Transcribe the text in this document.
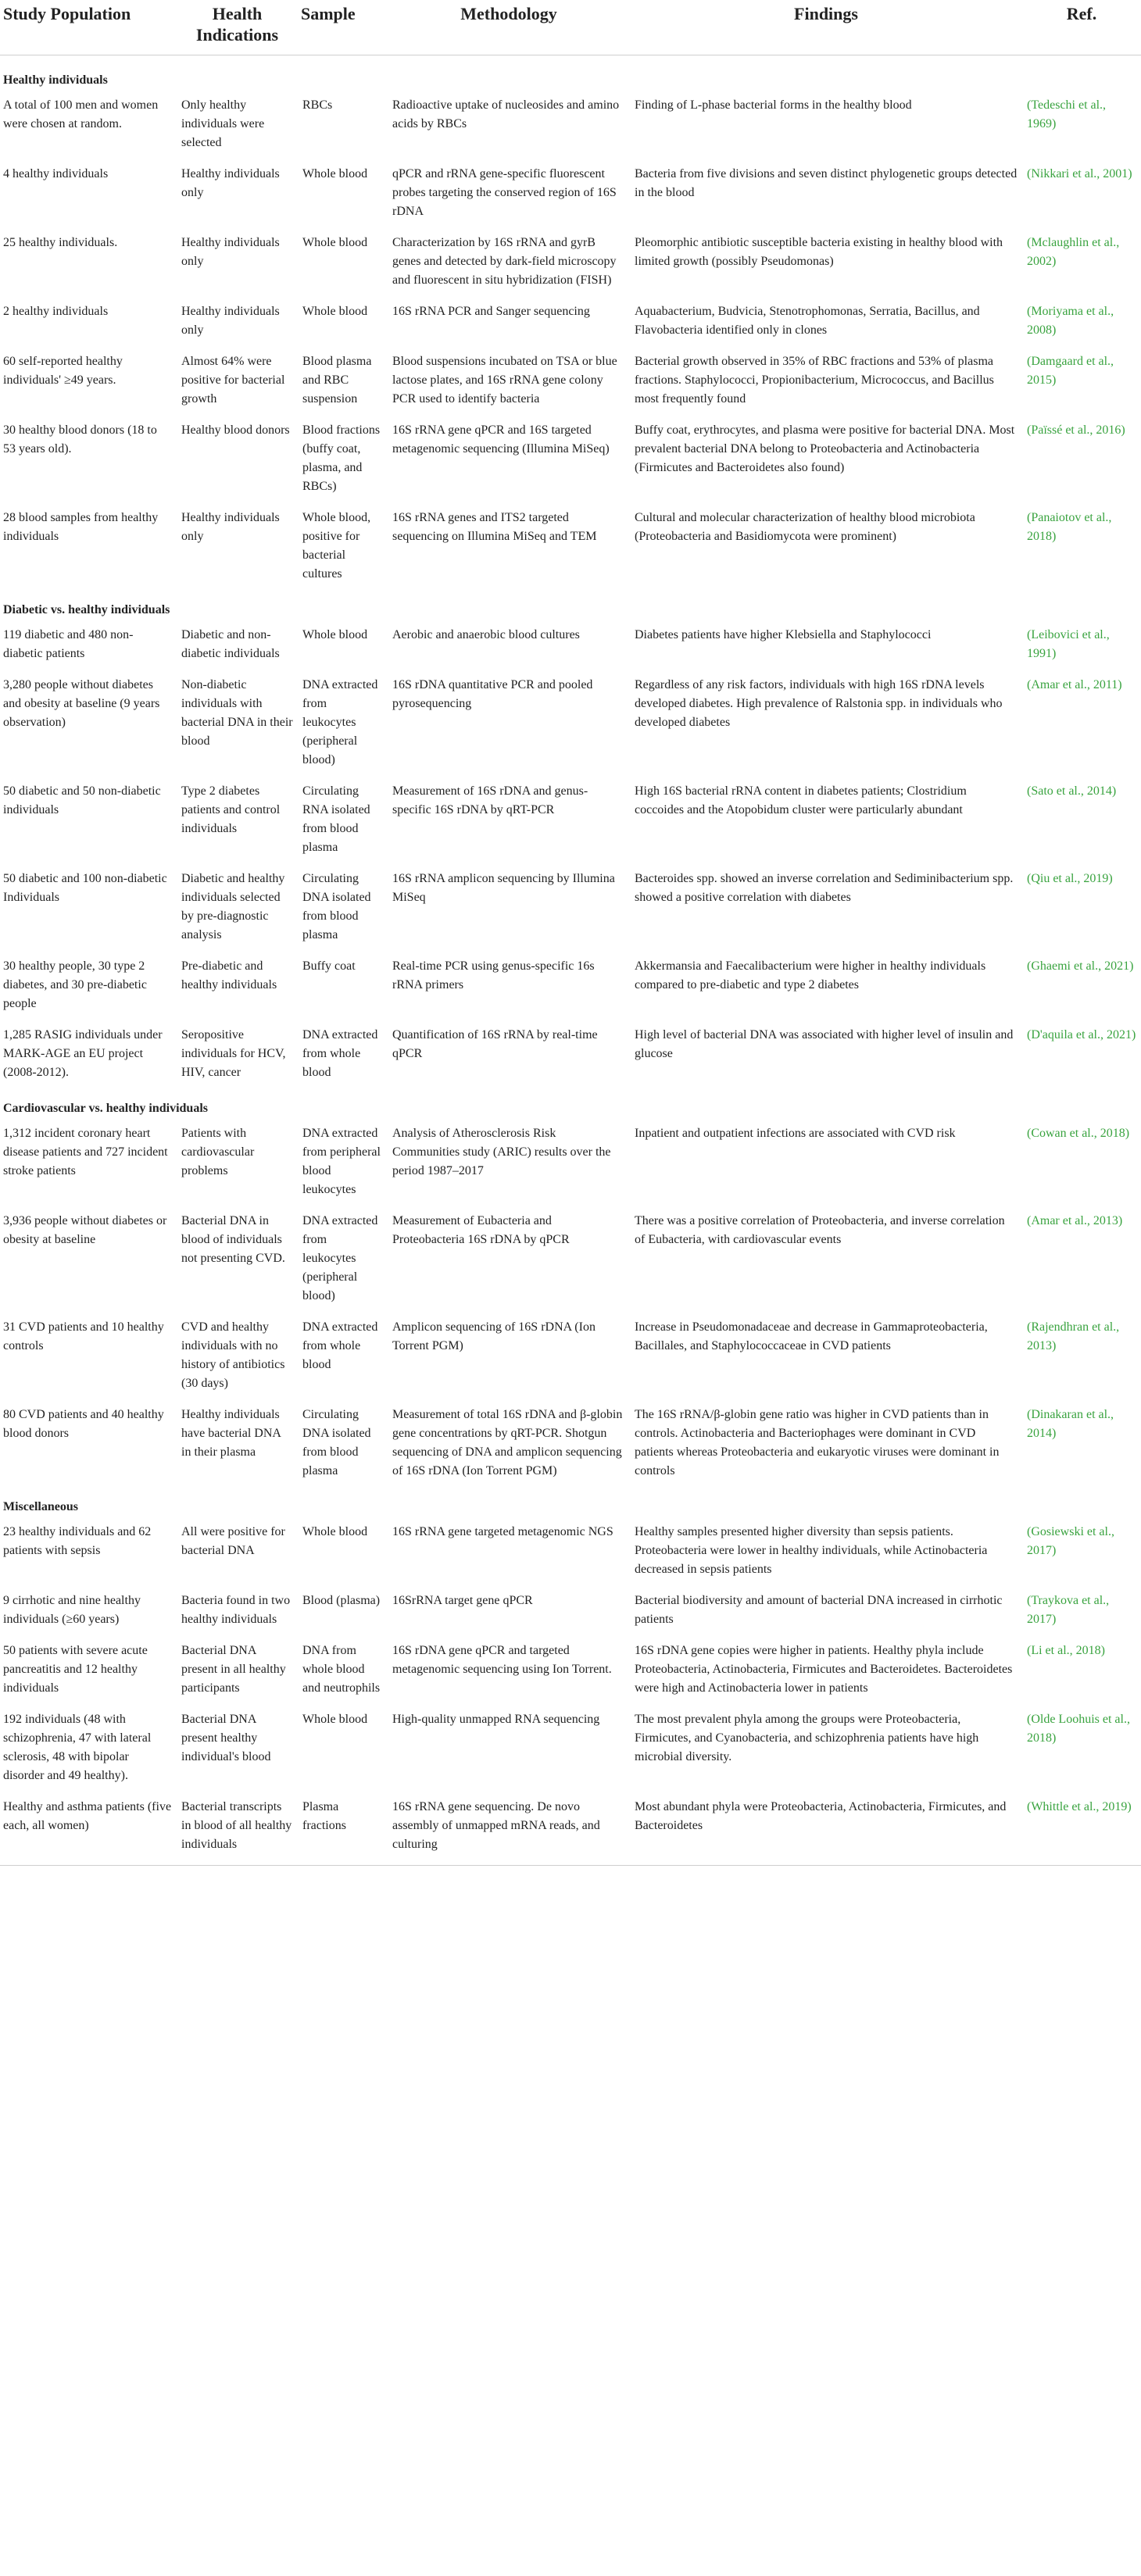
Study Population	Health Indications	Sample	Methodology	Findings	Ref.
Healthy individuals					
A total of 100 men and women were chosen at random.	Only healthy individuals were selected	RBCs	Radioactive uptake of nucleosides and amino acids by RBCs	Finding of L-phase bacterial forms in the healthy blood	(Tedeschi et al., 1969)
4 healthy individuals	Healthy individuals only	Whole blood	qPCR and rRNA gene-specific fluorescent probes targeting the conserved region of 16S rDNA	Bacteria from five divisions and seven distinct phylogenetic groups detected in the blood	(Nikkari et al., 2001)
25 healthy individuals.	Healthy individuals only	Whole blood	Characterization by 16S rRNA and gyrB genes and detected by dark-field microscopy and fluorescent in situ hybridization (FISH)	Pleomorphic antibiotic susceptible bacteria existing in healthy blood with limited growth (possibly Pseudomonas)	(Mclaughlin et al., 2002)
2 healthy individuals	Healthy individuals only	Whole blood	16S rRNA PCR and Sanger sequencing	Aquabacterium, Budvicia, Stenotrophomonas, Serratia, Bacillus, and Flavobacteria identified only in clones	(Moriyama et al., 2008)
60 self-reported healthy individuals' ≥49 years.	Almost 64% were positive for bacterial growth	Blood plasma and RBC suspension	Blood suspensions incubated on TSA or blue lactose plates, and 16S rRNA gene colony PCR used to identify bacteria	Bacterial growth observed in 35% of RBC fractions and 53% of plasma fractions. Staphylococci, Propionibacterium, Micrococcus, and Bacillus most frequently found	(Damgaard et al., 2015)
30 healthy blood donors (18 to 53 years old).	Healthy blood donors	Blood fractions (buffy coat, plasma, and RBCs)	16S rRNA gene qPCR and 16S targeted metagenomic sequencing (Illumina MiSeq)	Buffy coat, erythrocytes, and plasma were positive for bacterial DNA. Most prevalent bacterial DNA belong to Proteobacteria and Actinobacteria (Firmicutes and Bacteroidetes also found)	(Païssé et al., 2016)
28 blood samples from healthy individuals	Healthy individuals only	Whole blood, positive for bacterial cultures	16S rRNA genes and ITS2 targeted sequencing on Illumina MiSeq and TEM	Cultural and molecular characterization of healthy blood microbiota (Proteobacteria and Basidiomycota were prominent)	(Panaiotov et al., 2018)
Diabetic vs. healthy individuals					
119 diabetic and 480 non-diabetic patients	Diabetic and non-diabetic individuals	Whole blood	Aerobic and anaerobic blood cultures	Diabetes patients have higher Klebsiella and Staphylococci	(Leibovici et al., 1991)
3,280 people without diabetes and obesity at baseline (9 years observation)	Non-diabetic individuals with bacterial DNA in their blood	DNA extracted from leukocytes (peripheral blood)	16S rDNA quantitative PCR and pooled pyrosequencing	Regardless of any risk factors, individuals with high 16S rDNA levels developed diabetes. High prevalence of Ralstonia spp. in individuals who developed diabetes	(Amar et al., 2011)
50 diabetic and 50 non-diabetic individuals	Type 2 diabetes patients and control individuals	Circulating RNA isolated from blood plasma	Measurement of 16S rDNA and genus-specific 16S rDNA by qRT-PCR	High 16S bacterial rRNA content in diabetes patients; Clostridium coccoides and the Atopobidum cluster were particularly abundant	(Sato et al., 2014)
50 diabetic and 100 non-diabetic Individuals	Diabetic and healthy individuals selected by pre-diagnostic analysis	Circulating DNA isolated from blood plasma	16S rRNA amplicon sequencing by Illumina MiSeq	Bacteroides spp. showed an inverse correlation and Sediminibacterium spp. showed a positive correlation with diabetes	(Qiu et al., 2019)
30 healthy people, 30 type 2 diabetes, and 30 pre-diabetic people	Pre-diabetic and healthy individuals	Buffy coat	Real-time PCR using genus-specific 16s rRNA primers	Akkermansia and Faecalibacterium were higher in healthy individuals compared to pre-diabetic and type 2 diabetes	(Ghaemi et al., 2021)
1,285 RASIG individuals under MARK-AGE an EU project (2008-2012).	Seropositive individuals for HCV, HIV, cancer	DNA extracted from whole blood	Quantification of 16S rRNA by real-time qPCR	High level of bacterial DNA was associated with higher level of insulin and glucose	(D'aquila et al., 2021)
Cardiovascular vs. healthy individuals					
1,312 incident coronary heart disease patients and 727 incident stroke patients	Patients with cardiovascular problems	DNA extracted from peripheral blood leukocytes	Analysis of Atherosclerosis Risk Communities study (ARIC) results over the period 1987–2017	Inpatient and outpatient infections are associated with CVD risk	(Cowan et al., 2018)
3,936 people without diabetes or obesity at baseline	Bacterial DNA in blood of individuals not presenting CVD.	DNA extracted from leukocytes (peripheral blood)	Measurement of Eubacteria and Proteobacteria 16S rDNA by qPCR	There was a positive correlation of Proteobacteria, and inverse correlation of Eubacteria, with cardiovascular events	(Amar et al., 2013)
31 CVD patients and 10 healthy controls	CVD and healthy individuals with no history of antibiotics (30 days)	DNA extracted from whole blood	Amplicon sequencing of 16S rDNA (Ion Torrent PGM)	Increase in Pseudomonadaceae and decrease in Gammaproteobacteria, Bacillales, and Staphylococcaceae in CVD patients	(Rajendhran et al., 2013)
80 CVD patients and 40 healthy blood donors	Healthy individuals have bacterial DNA in their plasma	Circulating DNA isolated from blood plasma	Measurement of total 16S rDNA and β-globin gene concentrations by qRT-PCR. Shotgun sequencing of DNA and amplicon sequencing of 16S rDNA (Ion Torrent PGM)	The 16S rRNA/β-globin gene ratio was higher in CVD patients than in controls. Actinobacteria and Bacteriophages were dominant in CVD patients whereas Proteobacteria and eukaryotic viruses were dominant in controls	(Dinakaran et al., 2014)
Miscellaneous					
23 healthy individuals and 62 patients with sepsis	All were positive for bacterial DNA	Whole blood	16S rRNA gene targeted metagenomic NGS	Healthy samples presented higher diversity than sepsis patients. Proteobacteria were lower in healthy individuals, while Actinobacteria decreased in sepsis patients	(Gosiewski et al., 2017)
9 cirrhotic and nine healthy individuals (≥60 years)	Bacteria found in two healthy individuals	Blood (plasma)	16SrRNA target gene qPCR	Bacterial biodiversity and amount of bacterial DNA increased in cirrhotic patients	(Traykova et al., 2017)
50 patients with severe acute pancreatitis and 12 healthy individuals	Bacterial DNA present in all healthy participants	DNA from whole blood and neutrophils	16S rDNA gene qPCR and targeted metagenomic sequencing using Ion Torrent.	16S rDNA gene copies were higher in patients. Healthy phyla include Proteobacteria, Actinobacteria, Firmicutes and Bacteroidetes. Bacteroidetes were high and Actinobacteria lower in patients	(Li et al., 2018)
192 individuals (48 with schizophrenia, 47 with lateral sclerosis, 48 with bipolar disorder and 49 healthy).	Bacterial DNA present healthy individual's blood	Whole blood	High-quality unmapped RNA sequencing	The most prevalent phyla among the groups were Proteobacteria, Firmicutes, and Cyanobacteria, and schizophrenia patients have high microbial diversity.	(Olde Loohuis et al., 2018)
Healthy and asthma patients (five each, all women)	Bacterial transcripts in blood of all healthy individuals	Plasma fractions	16S rRNA gene sequencing. De novo assembly of unmapped mRNA reads, and culturing	Most abundant phyla were Proteobacteria, Actinobacteria, Firmicutes, and Bacteroidetes	(Whittle et al., 2019)
